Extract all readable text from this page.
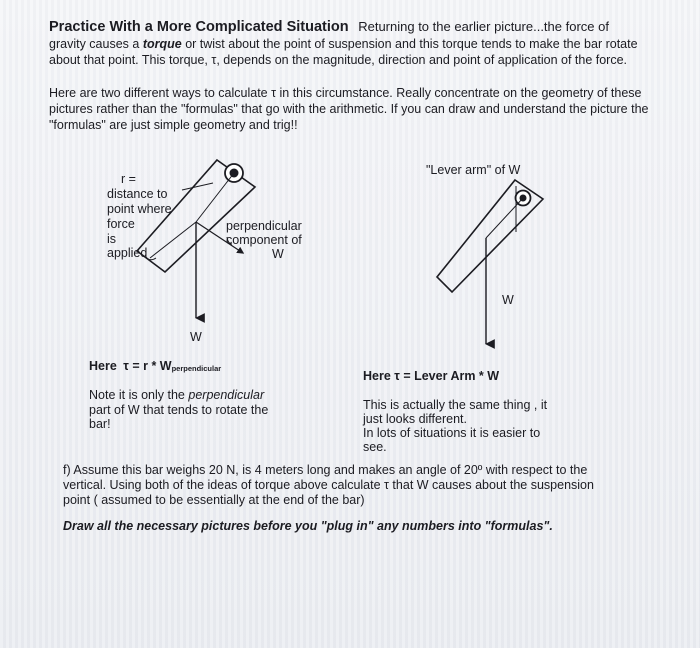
Practice With a More Complicated Situation Returning to the earlier picture...the force of
gravity causes a torque or twist about the point of suspension and this torque tends to make the bar rotate
about that point. This torque, τ, depends on the magnitude, direction and point of application of the force.
Here are two different ways to calculate τ in this circumstance. Really concentrate on the geometry of these
pictures rather than the "formulas" that go with the arithmetic. If you can draw and understand the picture the
"formulas" are just simple geometry and trig!!
r =
distance to
point where
force
is
applied
perpendicular
component of
W
W
"Lever arm" of W
W
Here $\tau = r * W_{perpendicular}$
Note it is only the perpendicular
part of W that tends to rotate the
bar!
Here τ = Lever Arm * W
This is actually the same thing , it
just looks different.
In lots of situations it is easier to
see.
f) Assume this bar weighs 20 N, is 4 meters long and makes an angle of 20º with respect to the
vertical. Using both of the ideas of torque above calculate τ that W causes about the suspension
point ( assumed to be essentially at the end of the bar)
Draw all the necessary pictures before you "plug in" any numbers into "formulas".
